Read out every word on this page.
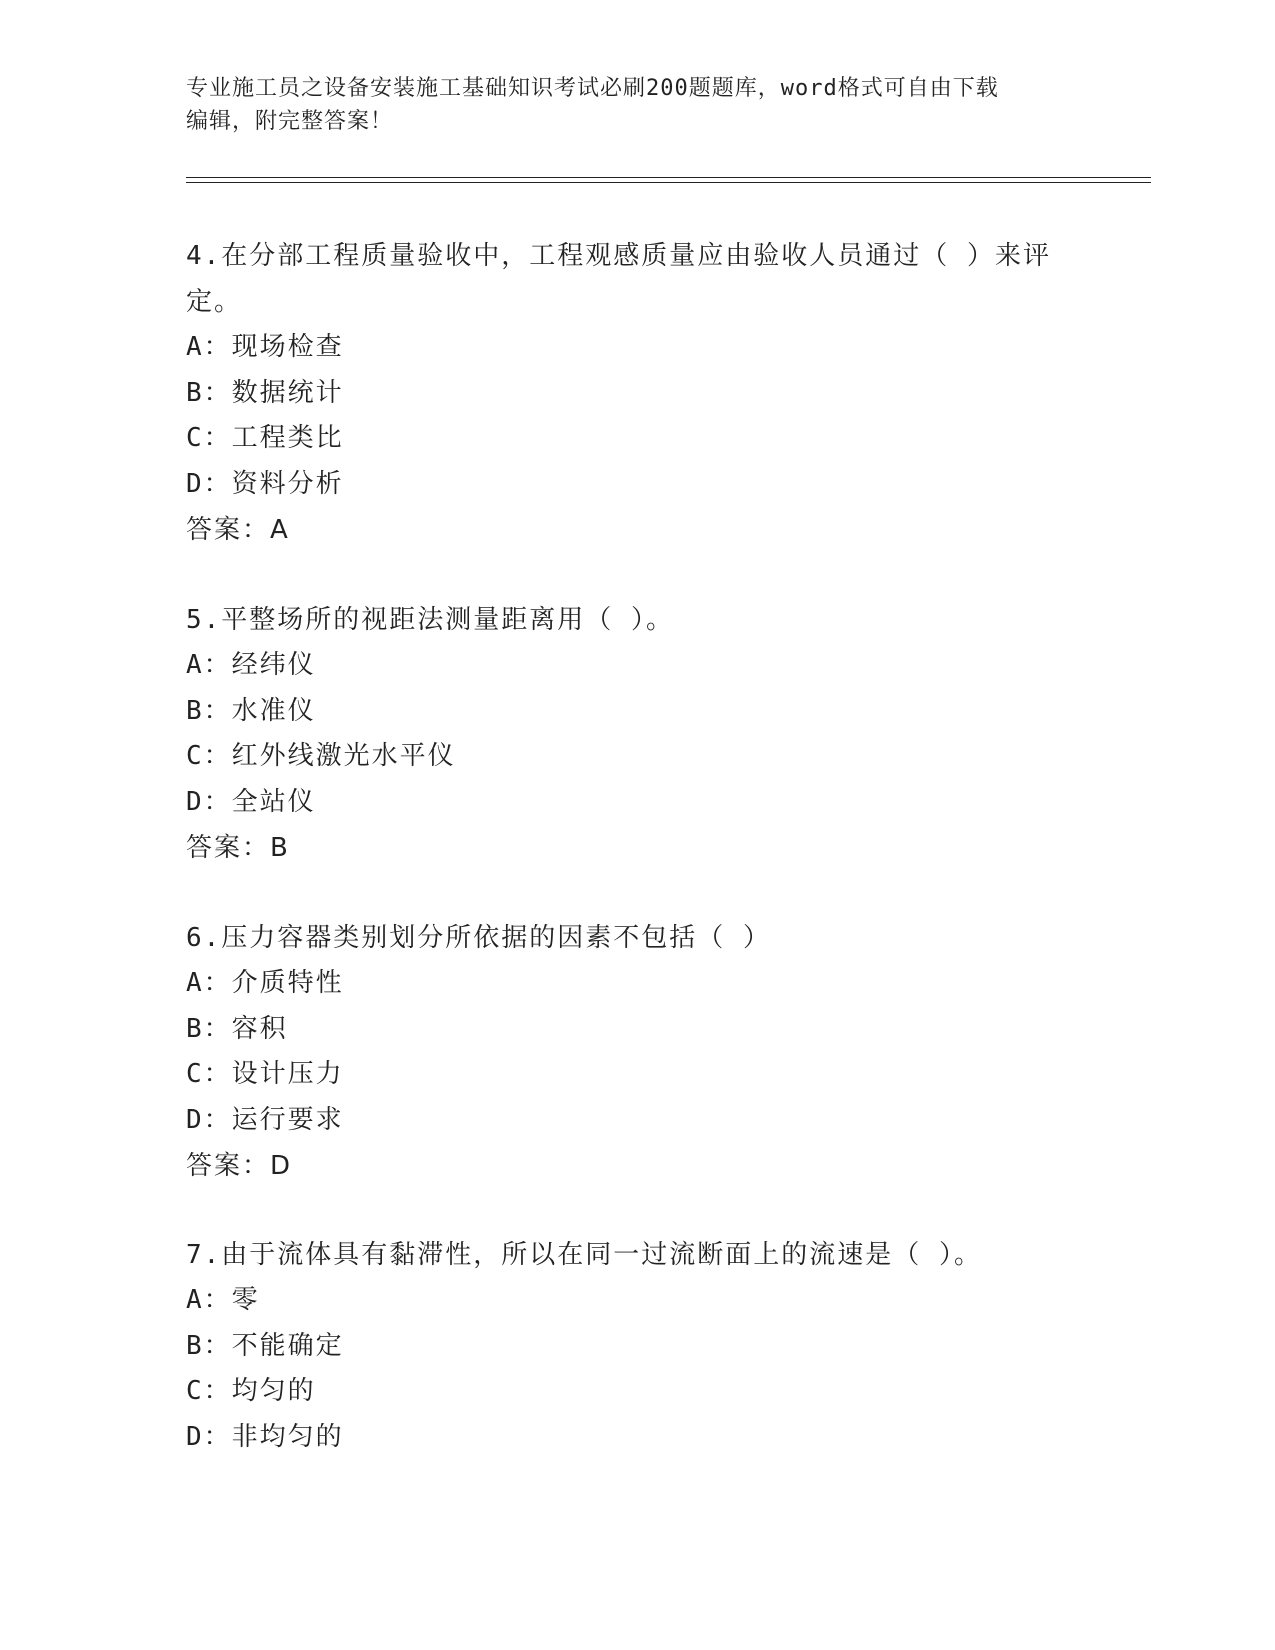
专业施工员之设备安装施工基础知识考试必刷200题题库，word格式可自由下载
编辑，附完整答案！
4.在分部工程质量验收中，工程观感质量应由验收人员通过（ ）来评
定。
A：现场检查
B：数据统计
C：工程类比
D：资料分析
答案：A
5.平整场所的视距法测量距离用（ ）。
A：经纬仪
B：水准仪
C：红外线激光水平仪
D：全站仪
答案：B
6.压力容器类别划分所依据的因素不包括（ ）
A：介质特性
B：容积
C：设计压力
D：运行要求
答案：D
7.由于流体具有黏滞性，所以在同一过流断面上的流速是（ ）。
A：零
B：不能确定
C：均匀的
D：非均匀的
